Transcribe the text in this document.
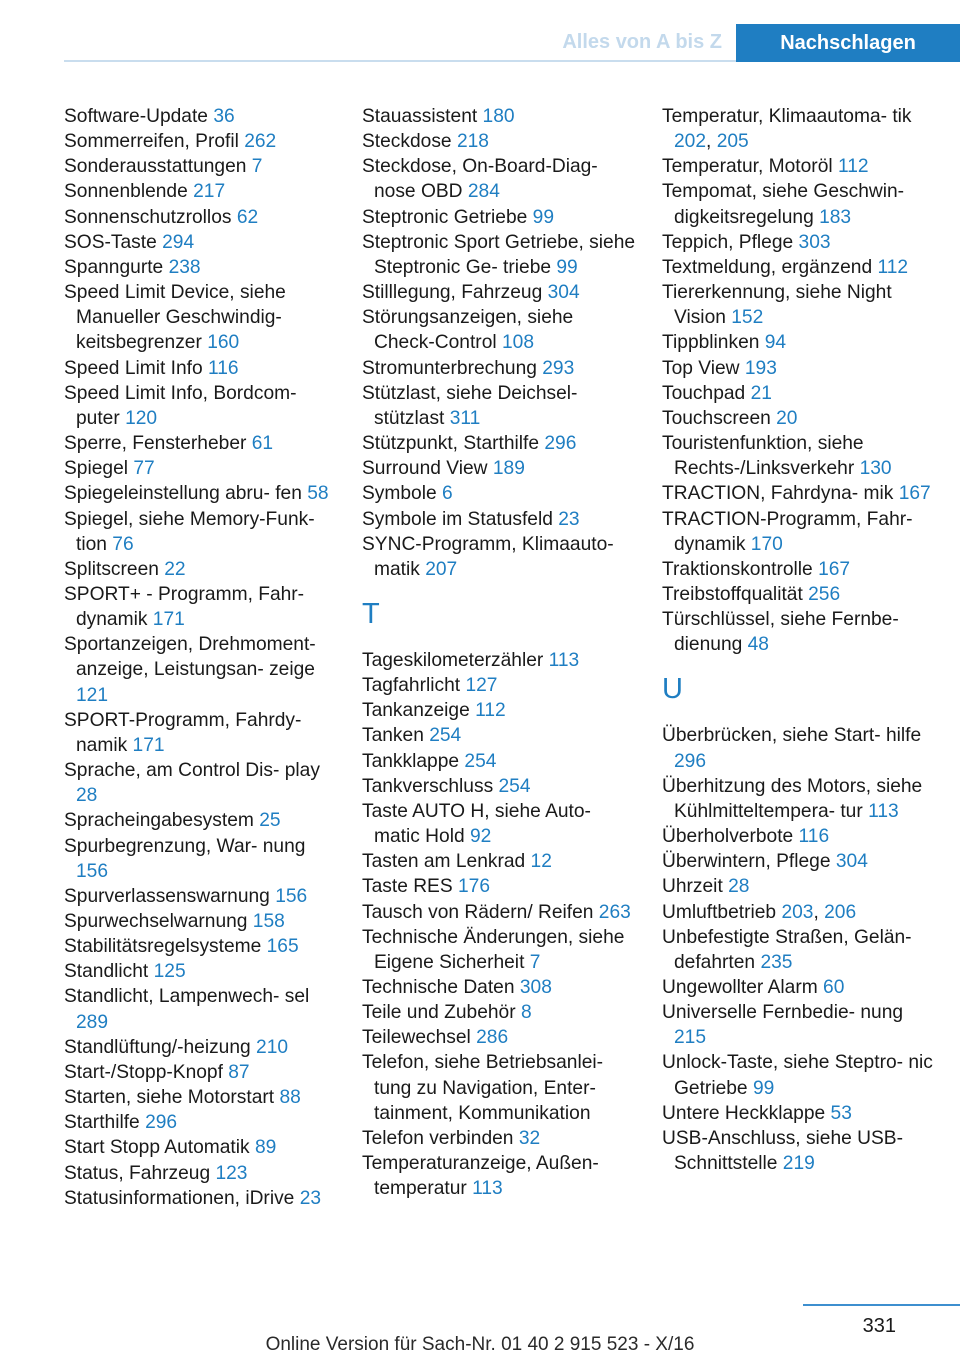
Alles von A bis Z	Nachschlagen
Software-Update 36
Sommerreifen, Profil 262
Sonderausstattungen 7
Sonnenblende 217
Sonnenschutzrollos 62
SOS-Taste 294
Spanngurte 238
Speed Limit Device, siehe Manueller Geschwindig‐ keitsbegrenzer 160
Speed Limit Info 116
Speed Limit Info, Bordcom‐ puter 120
Sperre, Fensterheber 61
Spiegel 77
Spiegeleinstellung abru‐ fen 58
Spiegel, siehe Memory-Funk‐ tion 76
Splitscreen 22
SPORT+ - Programm, Fahr‐ dynamik 171
Sportanzeigen, Drehmoment‐ anzeige, Leistungsan‐ zeige 121
SPORT-Programm, Fahrdy‐ namik 171
Sprache, am Control Dis‐ play 28
Spracheingabesystem 25
Spurbegrenzung, War‐ nung 156
Spurverlassenswarnung 156
Spurwechselwarnung 158
Stabilitätsregelsysteme 165
Standlicht 125
Standlicht, Lampenwech‐ sel 289
Standlüftung/-heizung 210
Start-/Stopp-Knopf 87
Starten, siehe Motorstart 88
Starthilfe 296
Start Stopp Automatik 89
Status, Fahrzeug 123
Statusinformationen, iDrive 23
Stauassistent 180
Steckdose 218
Steckdose, On-Board-Diag‐ nose OBD 284
Steptronic Getriebe 99
Steptronic Sport Getriebe, siehe Steptronic Ge‐ triebe 99
Stilllegung, Fahrzeug 304
Störungsanzeigen, siehe Check-Control 108
Stromunterbrechung 293
Stützlast, siehe Deichsel‐ stützlast 311
Stützpunkt, Starthilfe 296
Surround View 189
Symbole 6
Symbole im Statusfeld 23
SYNC-Programm, Klimaauto‐ matik 207
T
Tageskilometerzähler 113
Tagfahrlicht 127
Tankanzeige 112
Tanken 254
Tankklappe 254
Tankverschluss 254
Taste AUTO H, siehe Auto‐ matic Hold 92
Tasten am Lenkrad 12
Taste RES 176
Tausch von Rädern/ Reifen 263
Technische Änderungen, siehe Eigene Sicherheit 7
Technische Daten 308
Teile und Zubehör 8
Teilewechsel 286
Telefon, siehe Betriebsanlei‐ tung zu Navigation, Enter‐ tainment, Kommunikation
Telefon verbinden 32
Temperaturanzeige, Außen‐ temperatur 113
Temperatur, Klimaautoma‐ tik 202, 205
Temperatur, Motoröl 112
Tempomat, siehe Geschwin‐ digkeitsregelung 183
Teppich, Pflege 303
Textmeldung, ergänzend 112
Tiererkennung, siehe Night Vision 152
Tippblinken 94
Top View 193
Touchpad 21
Touchscreen 20
Touristenfunktion, siehe Rechts-/Linksverkehr 130
TRACTION, Fahrdyna‐ mik 167
TRACTION-Programm, Fahr‐ dynamik 170
Traktionskontrolle 167
Treibstoffqualität 256
Türschlüssel, siehe Fernbe‐ dienung 48
U
Überbrücken, siehe Start‐ hilfe 296
Überhitzung des Motors, siehe Kühlmitteltempera‐ tur 113
Überholverbote 116
Überwintern, Pflege 304
Uhrzeit 28
Umluftbetrieb 203, 206
Unbefestigte Straßen, Gelän‐ defahrten 235
Ungewollter Alarm 60
Universelle Fernbedie‐ nung 215
Unlock-Taste, siehe Steptro‐ nic Getriebe 99
Untere Heckklappe 53
USB-Anschluss, siehe USB- Schnittstelle 219
331
Online Version für Sach-Nr. 01 40 2 915 523 - X/16
